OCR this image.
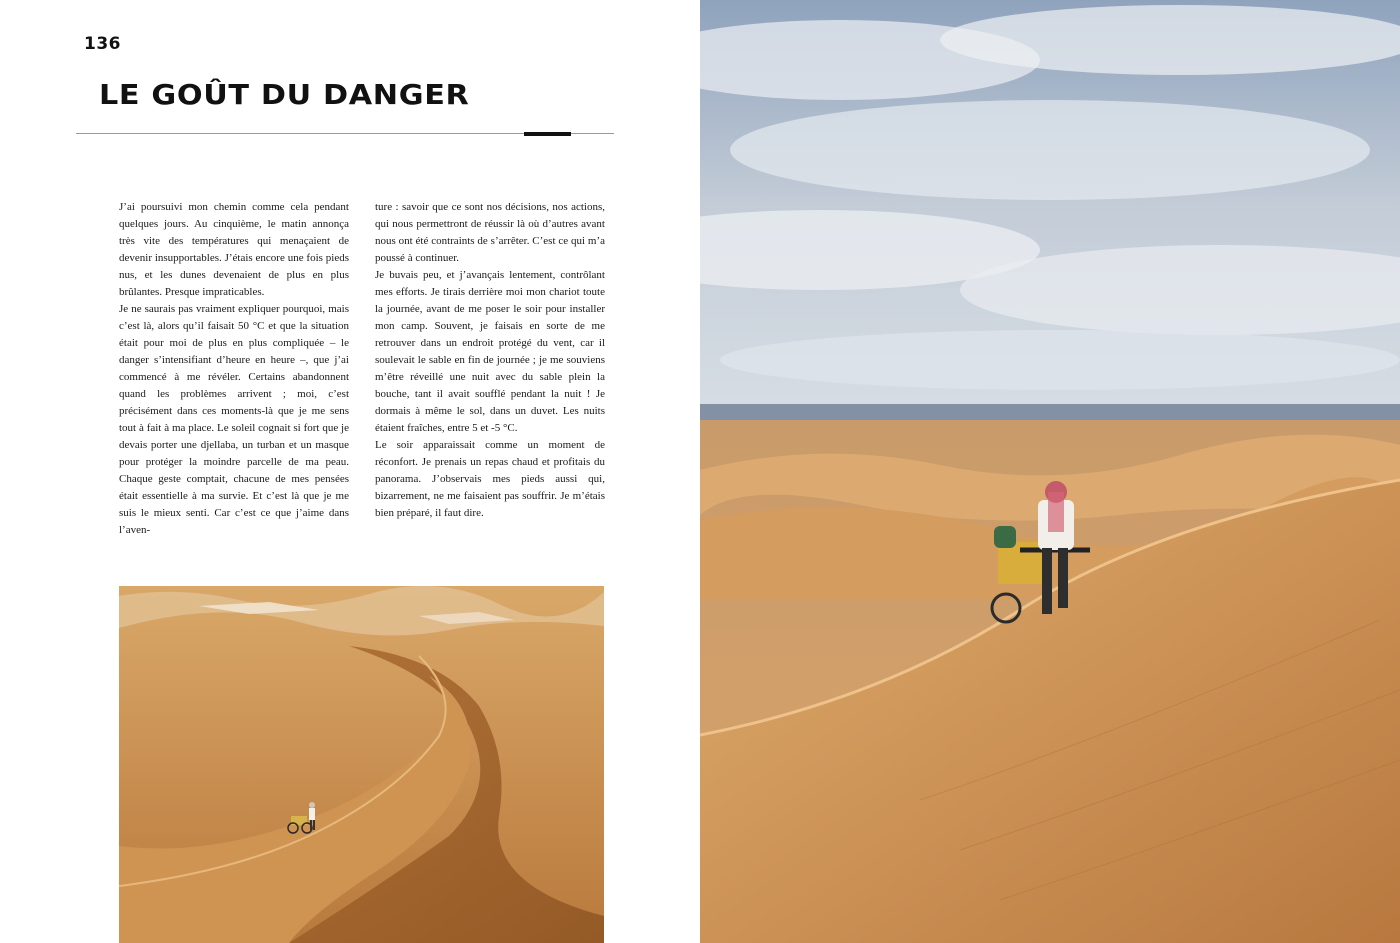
136
LE GOÛT DU DANGER

J’ai poursuivi mon chemin comme cela pendant quelques jours. Au cinquième, le matin annonça très vite des températures qui menaçaient de devenir insupportables. J’étais encore une fois pieds nus, et les dunes devenaient de plus en plus brûlantes. Presque impraticables.

Je ne saurais pas vraiment expliquer pourquoi, mais c’est là, alors qu’il faisait 50 °C et que la situation était pour moi de plus en plus compliquée – le danger s’intensifiant d’heure en heure –, que j’ai commencé à me révéler. Certains abandonnent quand les problèmes arrivent ; moi, c’est précisément dans ces moments-là que je me sens tout à fait à ma place. Le soleil cognait si fort que je devais porter une djellaba, un turban et un masque pour protéger la moindre parcelle de ma peau. Chaque geste comptait, chacune de mes pensées était essentielle à ma survie. Et c’est là que je me suis le mieux senti. Car c’est ce que j’aime dans l’aven-

ture : savoir que ce sont nos décisions, nos actions, qui nous permettront de réussir là où d’autres avant nous ont été contraints de s’arrêter. C’est ce qui m’a poussé à continuer.

Je buvais peu, et j’avançais lentement, contrôlant mes efforts. Je tirais derrière moi mon chariot toute la journée, avant de me poser le soir pour installer mon camp. Souvent, je faisais en sorte de me retrouver dans un endroit protégé du vent, car il soulevait le sable en fin de journée ; je me souviens m’être réveillé une nuit avec du sable plein la bouche, tant il avait soufflé pendant la nuit ! Je dormais à même le sol, dans un duvet. Les nuits étaient fraîches, entre 5 et -5 °C.

Le soir apparaissait comme un moment de réconfort. Je prenais un repas chaud et profitais du panorama. J’observais mes pieds aussi qui, bizarrement, ne me faisaient pas souffrir. Je m’étais bien préparé, il faut dire.
